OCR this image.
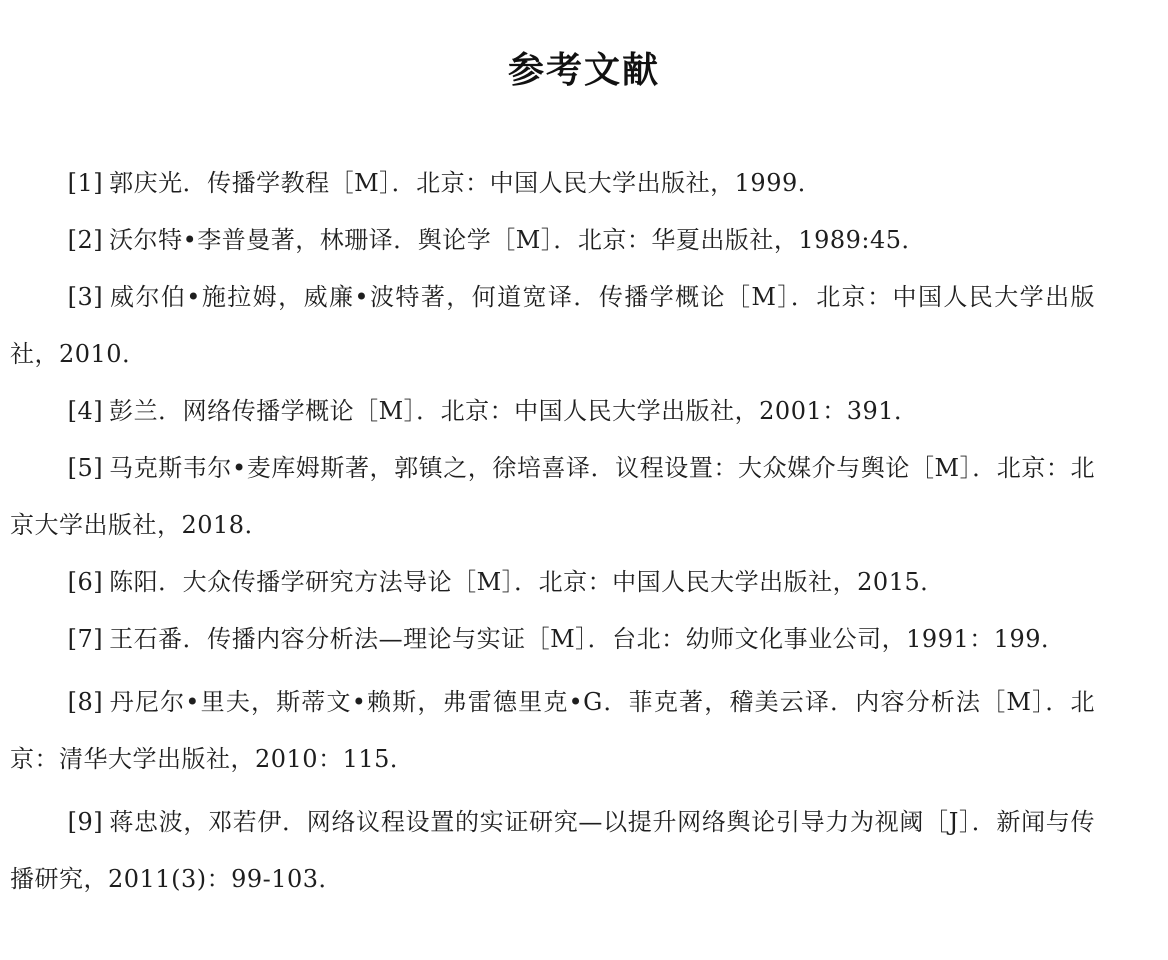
参考文献
[1] 郭庆光．传播学教程［M］．北京：中国人民大学出版社，1999．
[2] 沃尔特•李普曼著，林珊译．舆论学［M］．北京：华夏出版社，1989:45．
[3] 威尔伯•施拉姆，威廉•波特著，何道宽译．传播学概论［M］．北京：中国人民大学出版社，2010．
[4] 彭兰．网络传播学概论［M］．北京：中国人民大学出版社，2001：391．
[5] 马克斯韦尔•麦库姆斯著，郭镇之，徐培喜译．议程设置：大众媒介与舆论［M］．北京：北京大学出版社，2018．
[6] 陈阳．大众传播学研究方法导论［M］．北京：中国人民大学出版社，2015．
[7] 王石番．传播内容分析法—理论与实证［M］．台北：幼师文化事业公司，1991：199．
[8] 丹尼尔•里夫，斯蒂文•赖斯，弗雷德里克•G．菲克著，稽美云译．内容分析法［M］．北京：清华大学出版社，2010：115．
[9] 蒋忠波，邓若伊．网络议程设置的实证研究—以提升网络舆论引导力为视阈［J］．新闻与传播研究，2011(3)：99-103．
